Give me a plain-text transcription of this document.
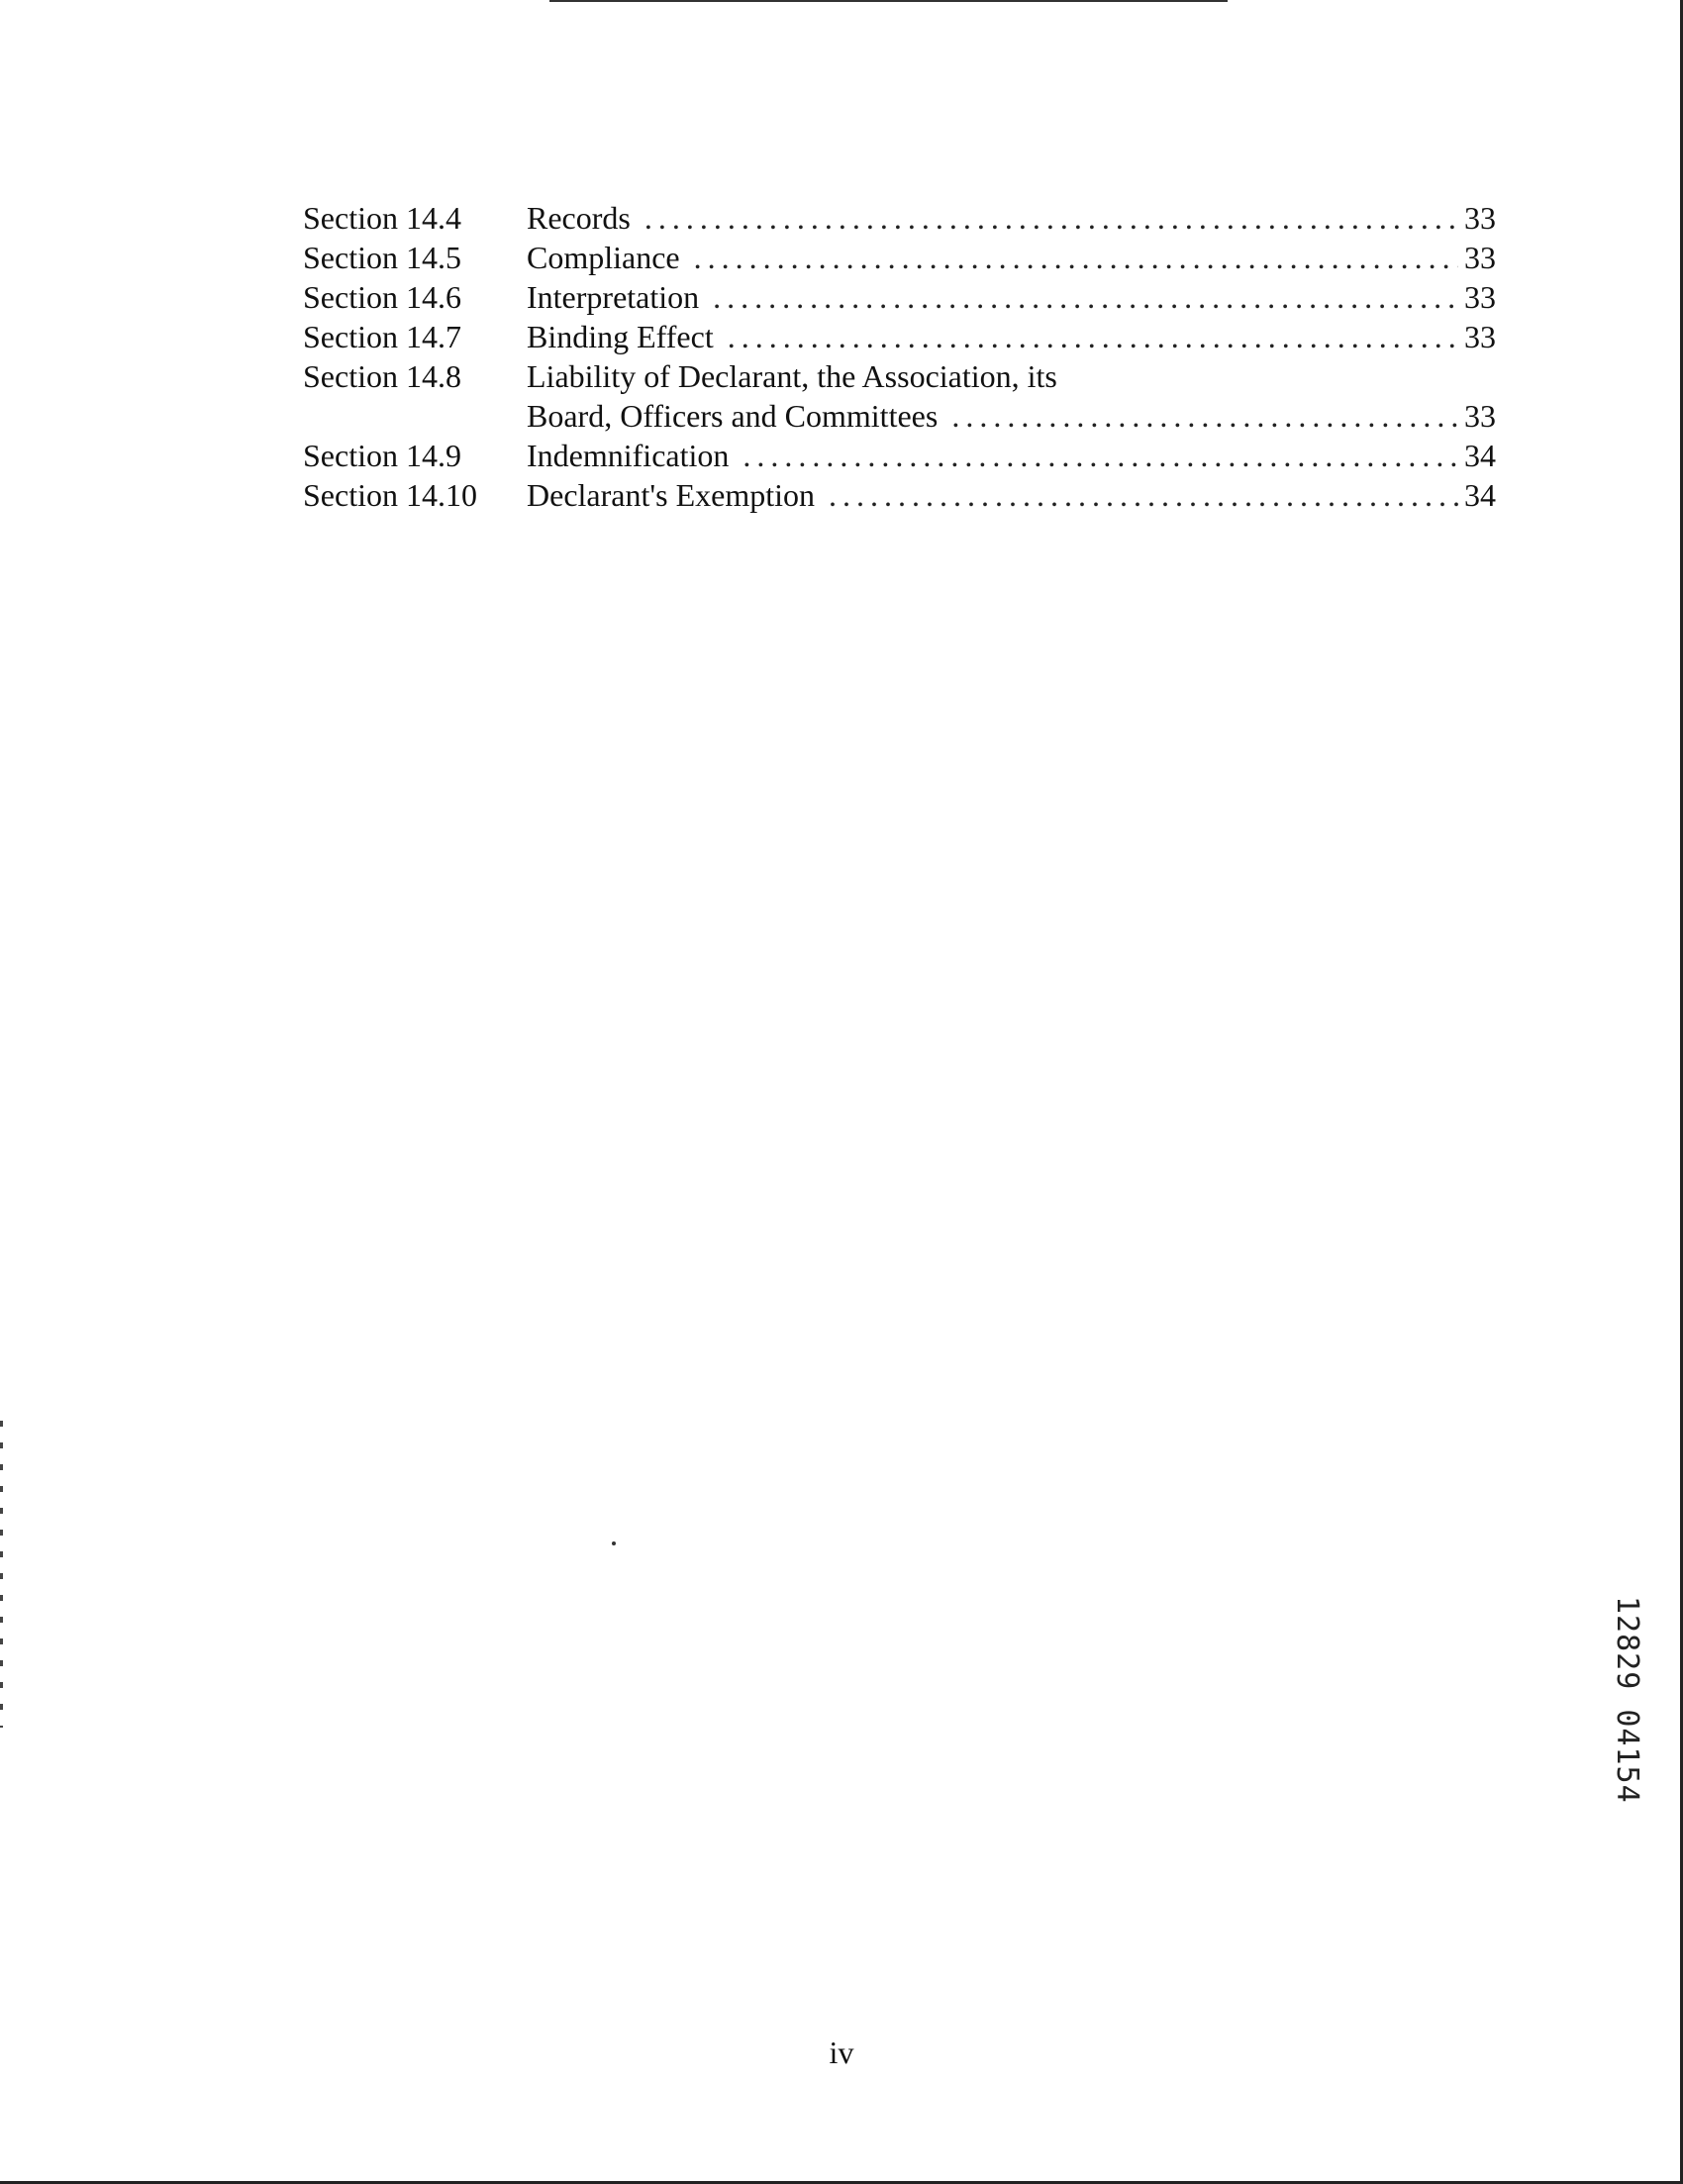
Section 14.4	Records . . .	33
Section 14.5	Compliance . . .	33
Section 14.6	Interpretation . . .	33
Section 14.7	Binding Effect . . .	33
Section 14.8	Liability of Declarant, the Association, its
Board, Officers and Committees . . .	33
Section 14.9	Indemnification . . .	34
Section 14.10	Declarant's Exemption . . .	34
12829 04154
iv
